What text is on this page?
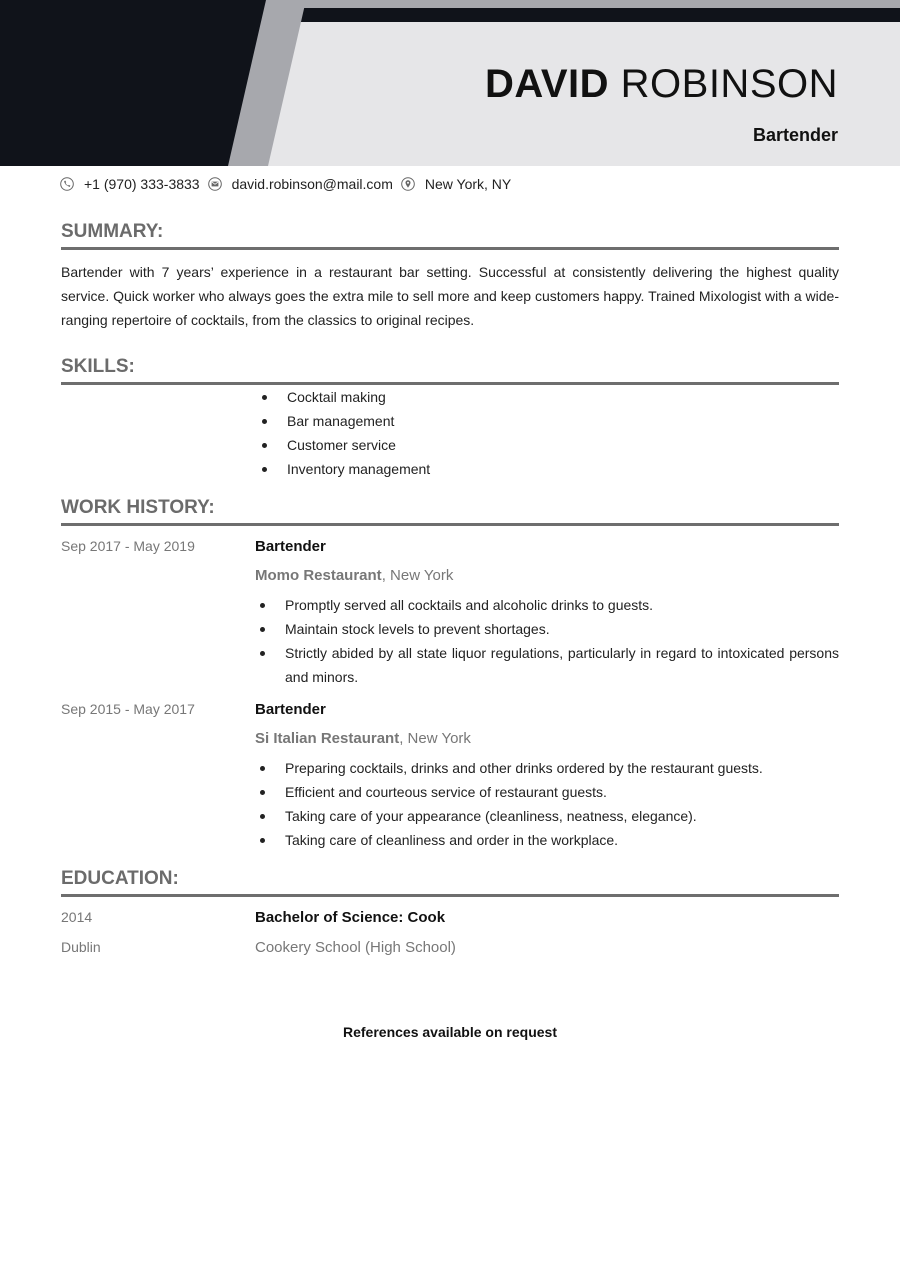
DAVID ROBINSON
Bartender
+1 (970) 333-3833 david.robinson@mail.com New York, NY
SUMMARY:

Bartender with 7 years’ experience in a restaurant bar setting. Successful at consistently delivering the highest quality service. Quick worker who always goes the extra mile to sell more and keep customers happy. Trained Mixologist with a wide-ranging repertoire of cocktails, from the classics to original recipes.

SKILLS:
Cocktail making
Bar management
Customer service
Inventory management
WORK HISTORY:
Sep 2017 - May 2019	Bartender
Momo Restaurant, New York
Promptly served all cocktails and alcoholic drinks to guests.
Maintain stock levels to prevent shortages.
Strictly abided by all state liquor regulations, particularly in regard to intoxicated persons and minors.
Sep 2015 - May 2017	Bartender
Si Italian Restaurant, New York
Preparing cocktails, drinks and other drinks ordered by the restaurant guests.
Efficient and courteous service of restaurant guests.
Taking care of your appearance (cleanliness, neatness, elegance).
Taking care of cleanliness and order in the workplace.
EDUCATION:
2014	Bachelor of Science: Cook
Dublin	Cookery School (High School)
References available on request
